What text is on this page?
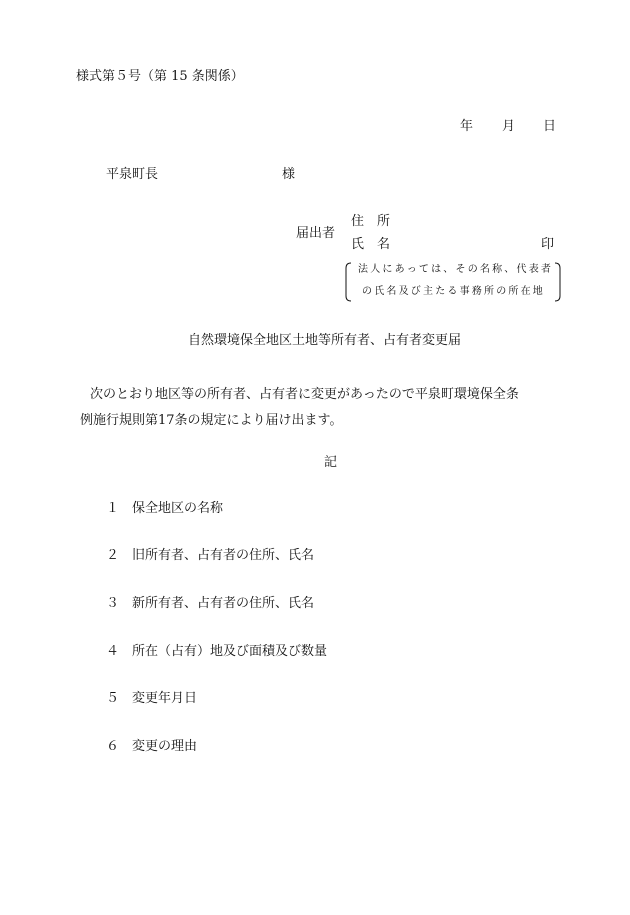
様式第５号（第 15 条関係）
年 月 日
平泉町長	様
届出者
住所
氏名	印
法人にあっては、その名称、代表者
の氏名及び主たる事務所の所在地
自然環境保全地区土地等所有者、占有者変更届

次のとおり地区等の所有者、占有者に変更があったので平泉町環境保全条

例施行規則第17条の規定により届け出ます。

記
１ 保全地区の名称
２ 旧所有者、占有者の住所、氏名
３ 新所有者、占有者の住所、氏名
４ 所在（占有）地及び面積及び数量
５ 変更年月日
６ 変更の理由
